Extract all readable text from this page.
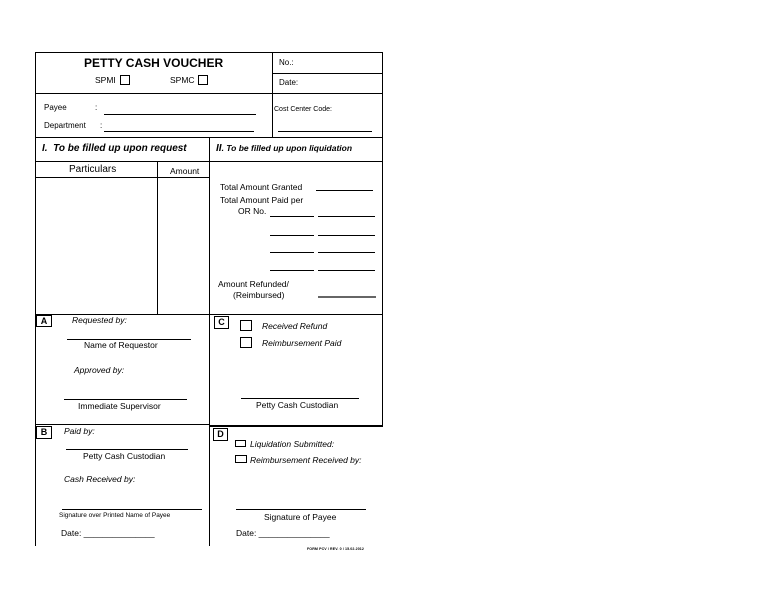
PETTY CASH VOUCHER
SPMI	SPMC
No.:
Date:
Payee	:
Department :
Cost Center Code:
I. To be filled up upon request	II. To be filled up upon liquidation
Particulars	Amount
Total Amount Granted
Total Amount Paid per
OR No.
Amount Refunded/
(Reimbursed)
A	Requested by:
Name of Requestor
Approved by:
Immediate Supervisor
C	Received Refund
Reimbursement Paid
Petty Cash Custodian
B	Paid by:
Petty Cash Custodian
Cash Received by:
Signature over Printed Name of Payee
Date: _______________
D
Liquidation Submitted:
Reimbursement Received by:
Signature of Payee
Date: _______________
FORM PCV / REV. 0 / 15.02.2012
